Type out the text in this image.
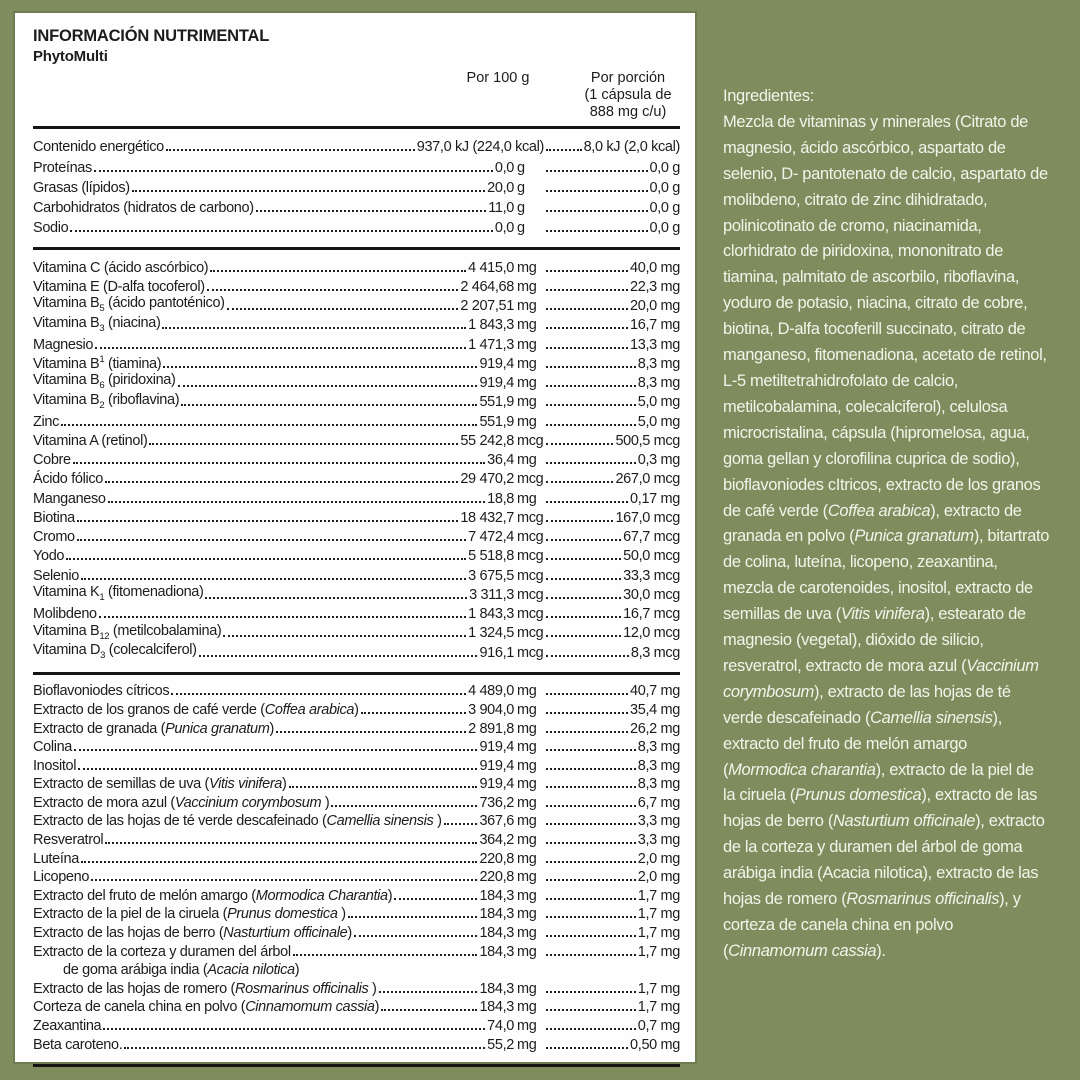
INFORMACIÓN NUTRIMENTAL
PhytoMulti
Por 100 g	Por porción
(1 cápsula de
888 mg c/u)
Contenido energético	937,0 kJ (224,0 kcal)	8,0 kJ (2,0 kcal)
Proteínas	0,0 g	0,0 g
Grasas (lípidos)	20,0 g	0,0 g
Carbohidratos (hidratos de carbono)	11,0 g	0,0 g
Sodio	0,0 g	0,0 g
Vitamina C (ácido ascórbico)	4 415,0 mg	40,0 mg
Vitamina E (D-alfa tocoferol)	2 464,68 mg	22,3 mg
Vitamina $B_5$ (ácido pantoténico)	2 207,51 mg	20,0 mg
Vitamina $B_3$ (niacina)	1 843,3 mg	16,7 mg
Magnesio	1 471,3 mg	13,3 mg
Vitamina $B^1$ (tiamina)	919,4 mg	8,3 mg
Vitamina $B_6$ (piridoxina)	919,4 mg	8,3 mg
Vitamina $B_2$ (riboflavina)	551,9 mg	5,0 mg
Zinc	551,9 mg	5,0 mg
Vitamina A (retinol)	55 242,8 mcg	500,5 mcg
Cobre	36,4 mg	0,3 mg
Ácido fólico	29 470,2 mcg	267,0 mcg
Manganeso	18,8 mg	0,17 mg
Biotina	18 432,7 mcg	167,0 mcg
Cromo	7 472,4 mcg	67,7 mcg
Yodo	5 518,8 mcg	50,0 mcg
Selenio	3 675,5 mcg	33,3 mcg
Vitamina $K_1$ (fitomenadiona)	3 311,3 mcg	30,0 mcg
Molibdeno	1 843,3 mcg	16,7 mcg
Vitamina $B_{12}$ (metilcobalamina)	1 324,5 mcg	12,0 mcg
Vitamina $D_3$ (colecalciferol)	916,1 mcg	8,3 mcg
Bioflavoniodes cítricos	4 489,0 mg	40,7 mg
Extracto de los granos de café verde (Coffea arabica)	3 904,0 mg	35,4 mg
Extracto de granada (Punica granatum)	2 891,8 mg	26,2 mg
Colina	919,4 mg	8,3 mg
Inositol	919,4 mg	8,3 mg
Extracto de semillas de uva (Vitis vinifera)	919,4 mg	8,3 mg
Extracto de mora azul (Vaccinium corymbosum )	736,2 mg	6,7 mg
Extracto de las hojas de té verde descafeinado (Camellia sinensis )	367,6 mg	3,3 mg
Resveratrol	364,2 mg	3,3 mg
Luteína	220,8 mg	2,0 mg
Licopeno	220,8 mg	2,0 mg
Extracto del fruto de melón amargo (Mormodica Charantia)	184,3 mg	1,7 mg
Extracto de la piel de la ciruela (Prunus domestica )	184,3 mg	1,7 mg
Extracto de las hojas de berro (Nasturtium officinale)	184,3 mg	1,7 mg
Extracto de la corteza y duramen del árbol	184,3 mg	1,7 mg
de goma arábiga india ( Acacia nilotica )
Extracto de las hojas de romero (Rosmarinus officinalis )	184,3 mg	1,7 mg
Corteza de canela china en polvo (Cinnamomum cassia)	184,3 mg	1,7 mg
Zeaxantina	74,0 mg	0,7 mg
Beta caroteno.	55,2 mg	0,50 mg
Ingredientes:
Mezcla de vitaminas y minerales (Citrato de magnesio, ácido ascórbico, aspartato de selenio, D- pantotenato de calcio, aspartato de molibdeno, citrato de zinc dihidratado, polinicotinato de cromo, niacinamida, clorhidrato de piridoxina, mononitrato de tiamina, palmitato de ascorbilo, riboflavina, yoduro de potasio, niacina, citrato de cobre, biotina, D-alfa tocoferill succinato, citrato de manganeso, fitomenadiona, acetato de retinol, L-5 metiltetrahidrofolato de calcio, metilcobalamina, colecalciferol), celulosa microcristalina, cápsula (hipromelosa, agua, goma gellan y clorofilina cuprica de sodio), bioflavoniodes cItricos, extracto de los granos de café verde (Coffea arabica), extracto de granada en polvo (Punica granatum), bitartrato de colina, luteína, licopeno, zeaxantina, mezcla de carotenoides, inositol, extracto de semillas de uva (Vitis vinifera), estearato de magnesio (vegetal), dióxido de silicio, resveratrol, extracto de mora azul (Vaccinium corymbosum), extracto de las hojas de té verde descafeinado (Camellia sinensis), extracto del fruto de melón amargo (Mormodica charantia), extracto de la piel de la ciruela (Prunus domestica), extracto de las hojas de berro (Nasturtium officinale), extracto de la corteza y duramen del árbol de goma arábiga india (Acacia nilotica), extracto de las hojas de romero (Rosmarinus officinalis), y corteza de canela china en polvo (Cinnamomum cassia).
